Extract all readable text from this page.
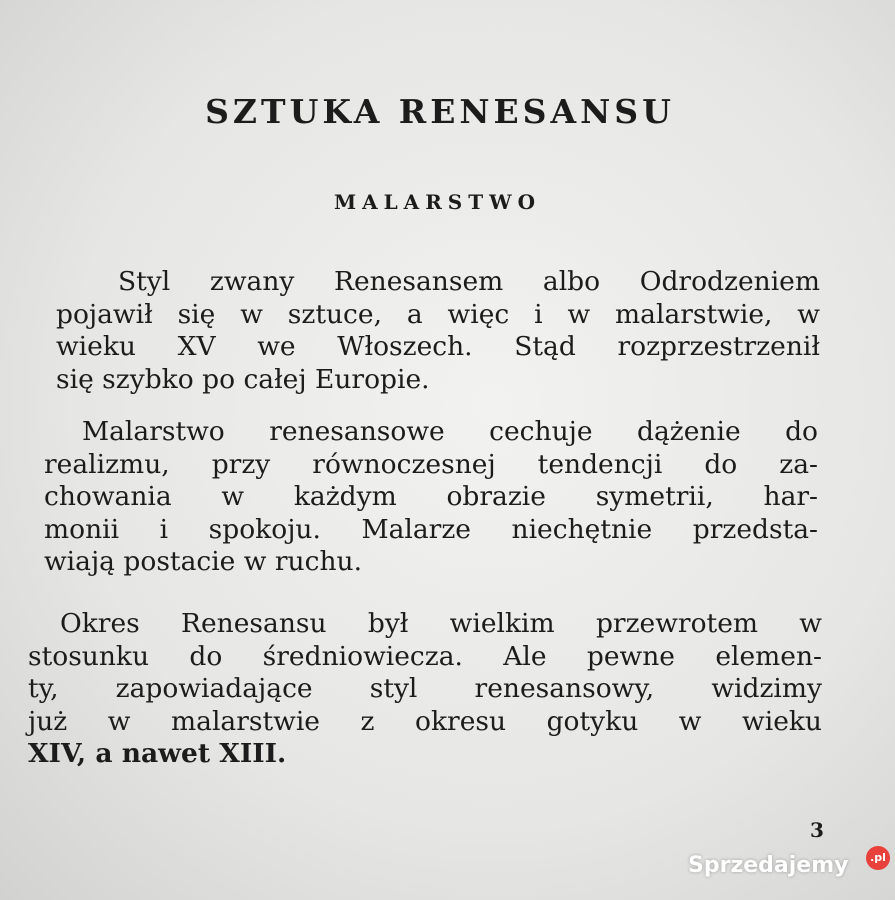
SZTUKA RENESANSU
MALARSTWO
Styl zwany Renesansem albo Odrodzeniem
pojawił się w sztuce, a więc i w malarstwie, w
wieku XV we Włoszech. Stąd rozprzestrzenił
się szybko po całej Europie.
Malarstwo renesansowe cechuje dążenie do
realizmu, przy równoczesnej tendencji do za-
chowania w każdym obrazie symetrii, har-
monii i spokoju. Malarze niechętnie przedsta-
wiają postacie w ruchu.
Okres Renesansu był wielkim przewrotem w
stosunku do średniowiecza. Ale pewne elemen-
ty, zapowiadające styl renesansowy, widzimy
już w malarstwie z okresu gotyku w wieku
XIV, a nawet XIII.
3
Sprzedajemy	.pl
